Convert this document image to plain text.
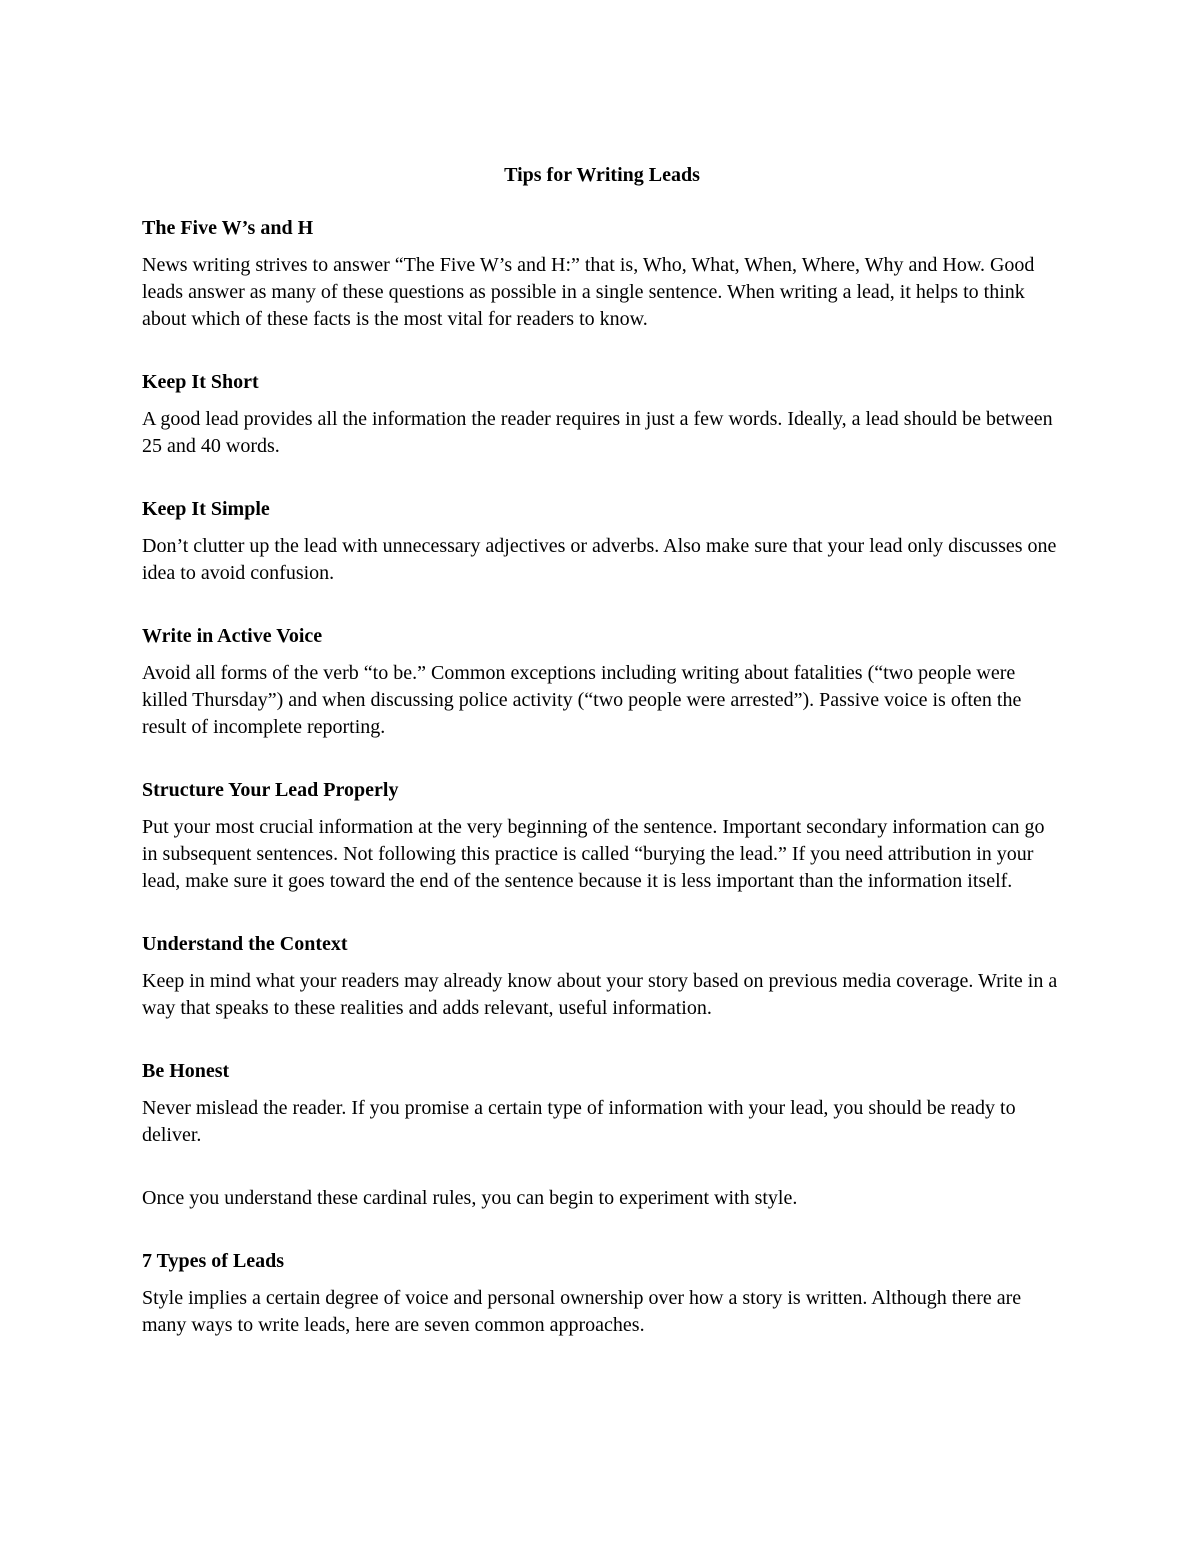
Tips for Writing Leads
The Five W’s and H

News writing strives to answer “The Five W’s and H:” that is, Who, What, When, Where, Why and How. Good leads answer as many of these questions as possible in a single sentence. When writing a lead, it helps to think about which of these facts is the most vital for readers to know.

Keep It Short

A good lead provides all the information the reader requires in just a few words. Ideally, a lead should be between 25 and 40 words.

Keep It Simple

Don’t clutter up the lead with unnecessary adjectives or adverbs. Also make sure that your lead only discusses one idea to avoid confusion.

Write in Active Voice

Avoid all forms of the verb “to be.” Common exceptions including writing about fatalities (“two people were killed Thursday”) and when discussing police activity (“two people were arrested”). Passive voice is often the result of incomplete reporting.

Structure Your Lead Properly

Put your most crucial information at the very beginning of the sentence. Important secondary information can go in subsequent sentences. Not following this practice is called “burying the lead.” If you need attribution in your lead, make sure it goes toward the end of the sentence because it is less important than the information itself.

Understand the Context

Keep in mind what your readers may already know about your story based on previous media coverage. Write in a way that speaks to these realities and adds relevant, useful information.

Be Honest

Never mislead the reader. If you promise a certain type of information with your lead, you should be ready to deliver.

Once you understand these cardinal rules, you can begin to experiment with style.

7 Types of Leads

Style implies a certain degree of voice and personal ownership over how a story is written. Although there are many ways to write leads, here are seven common approaches.
